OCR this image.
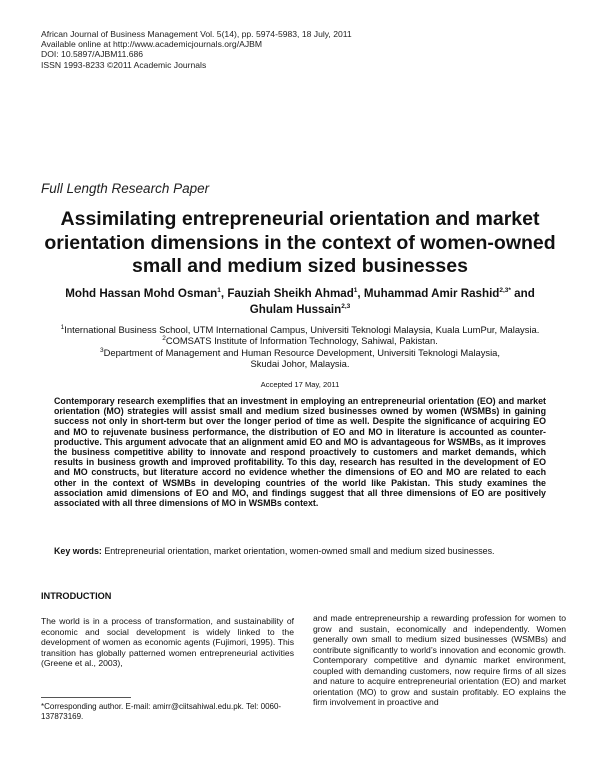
African Journal of Business Management Vol. 5(14), pp. 5974-5983, 18 July, 2011
Available online at http://www.academicjournals.org/AJBM
DOI: 10.5897/AJBM11.686
ISSN 1993-8233 ©2011 Academic Journals
Full Length Research Paper
Assimilating entrepreneurial orientation and market orientation dimensions in the context of women-owned small and medium sized businesses
Mohd Hassan Mohd Osman$^1$, Fauziah Sheikh Ahmad$^1$, Muhammad Amir Rashid$^{2,3*}$ and
Ghulam Hussain$^{2,3}$
$^1$International Business School, UTM International Campus, Universiti Teknologi Malaysia, Kuala LumPur, Malaysia.
$^2$COMSATS Institute of Information Technology, Sahiwal, Pakistan.
$^3$Department of Management and Human Resource Development, Universiti Teknologi Malaysia,
Skudai Johor, Malaysia.
Accepted 17 May, 2011
Contemporary research exemplifies that an investment in employing an entrepreneurial orientation (EO) and market orientation (MO) strategies will assist small and medium sized businesses owned by women (WSMBs) in gaining success not only in short-term but over the longer period of time as well. Despite the significance of acquiring EO and MO to rejuvenate business performance, the distribution of EO and MO in literature is accounted as counter-productive. This argument advocate that an alignment amid EO and MO is advantageous for WSMBs, as it improves the business competitive ability to innovate and respond proactively to customers and market demands, which results in business growth and improved profitability. To this day, research has resulted in the development of EO and MO constructs, but literature accord no evidence whether the dimensions of EO and MO are related to each other in the context of WSMBs in developing countries of the world like Pakistan. This study examines the association amid dimensions of EO and MO, and findings suggest that all three dimensions of EO are positively associated with all three dimensions of MO in WSMBs context.
Key words: Entrepreneurial orientation, market orientation, women-owned small and medium sized businesses.
INTRODUCTION
The world is in a process of transformation, and sustainability of economic and social development is widely linked to the development of women as economic agents (Fujimori, 1995). This transition has globally patterned women entrepreneurial activities (Greene et al., 2003),
and made entrepreneurship a rewarding profession for women to grow and sustain, economically and independently. Women generally own small to medium sized businesses (WSMBs) and contribute significantly to world’s innovation and economic growth. Contemporary competitive and dynamic market environment, coupled with demanding customers, now require firms of all sizes and nature to acquire entrepreneurial orientation (EO) and market orientation (MO) to grow and sustain profitably. EO explains the firm involvement in proactive and
*Corresponding author. E-mail: amirr@ciitsahiwal.edu.pk. Tel: 0060-137873169.
